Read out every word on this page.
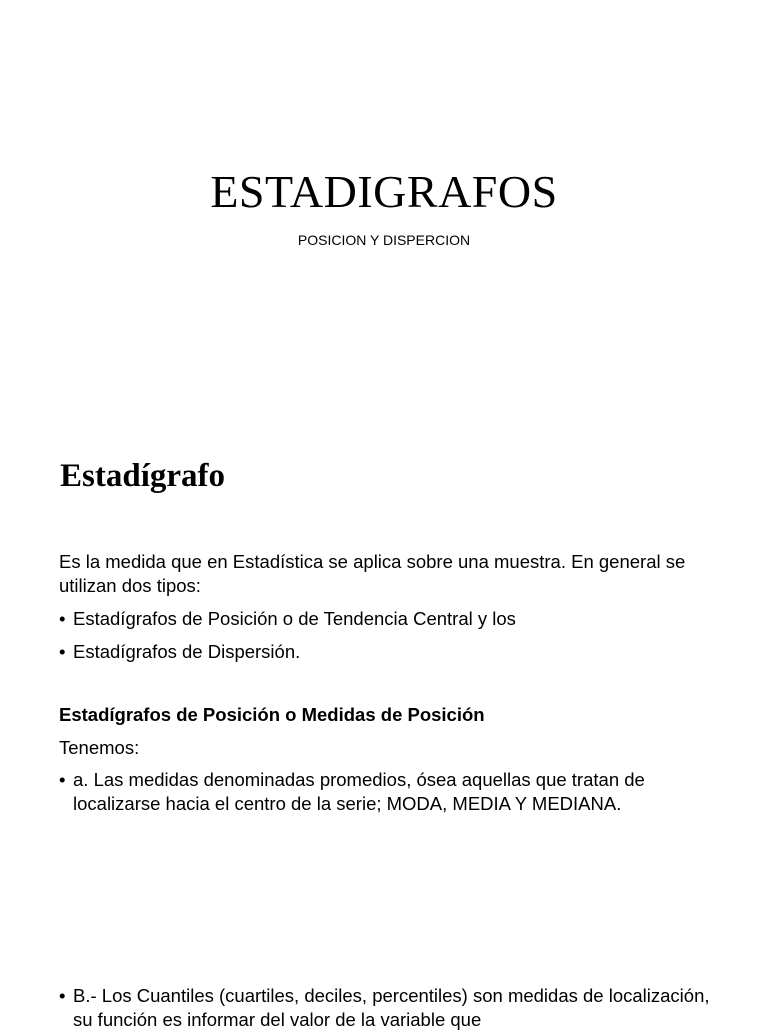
ESTADIGRAFOS

POSICION Y DISPERCION

Estadígrafo

Es la medida que en Estadística se aplica sobre una muestra. En general se utilizan dos tipos:

• Estadígrafos de Posición o de Tendencia Central y los
• Estadígrafos de Dispersión.

Estadígrafos de Posición o Medidas de Posición

Tenemos:

• a. Las medidas denominadas promedios, ósea aquellas que tratan de localizarse hacia el centro de la serie; MODA, MEDIA Y MEDIANA.
• B.- Los Cuantiles (cuartiles, deciles, percentiles) son medidas de localización, su función es informar del valor de la variable que
